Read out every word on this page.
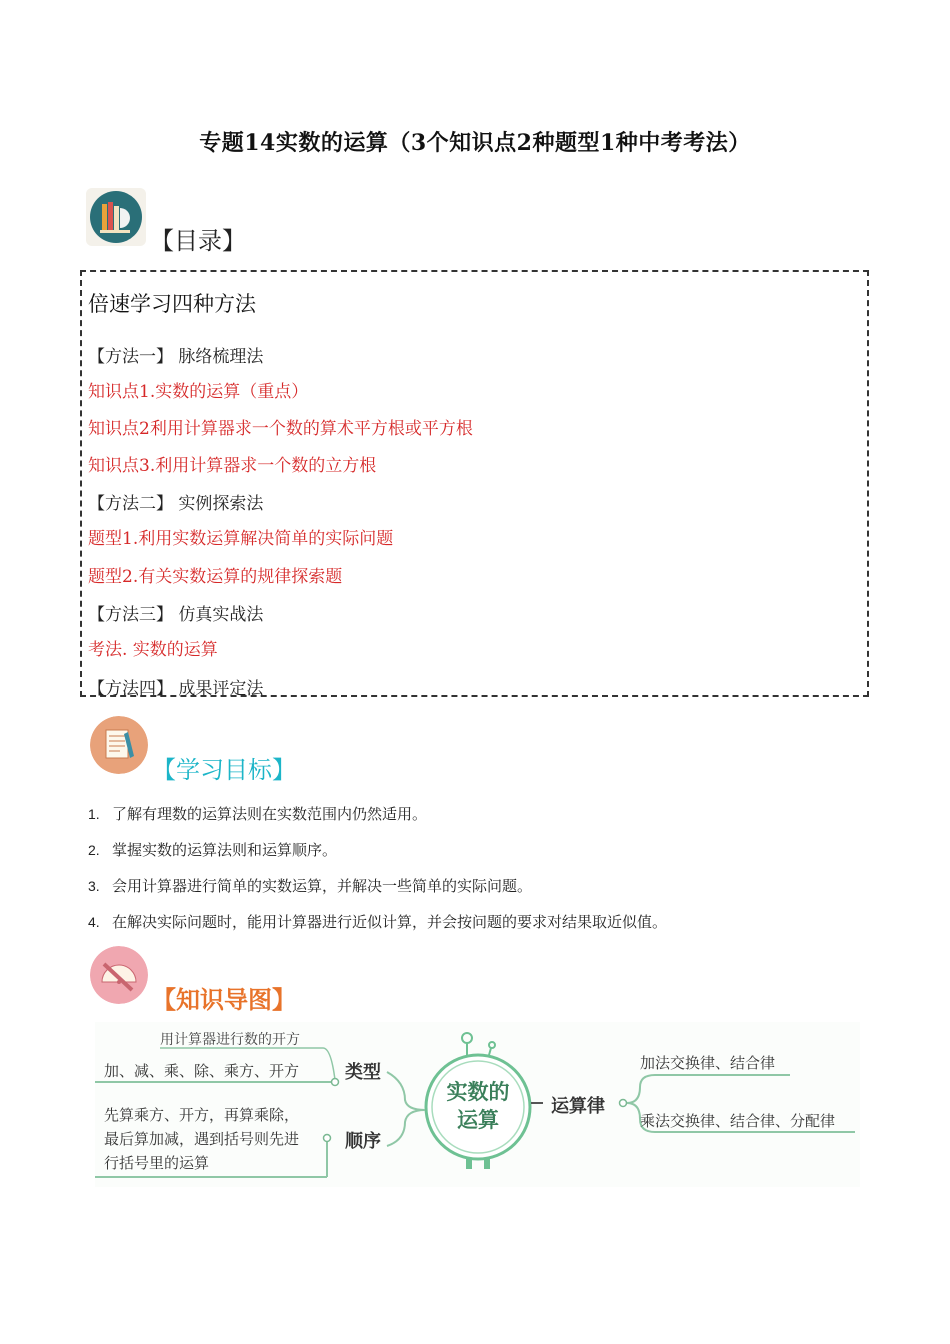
专题14实数的运算（3个知识点2种题型1种中考考法）
【目录】
倍速学习四种方法
【方法一】 脉络梳理法
知识点1.实数的运算（重点）
知识点2利用计算器求一个数的算术平方根或平方根
知识点3.利用计算器求一个数的立方根
【方法二】 实例探索法
题型1.利用实数运算解决简单的实际问题
题型2.有关实数运算的规律探索题
【方法三】 仿真实战法
考法. 实数的运算
【方法四】 成果评定法
【学习目标】
1. 了解有理数的运算法则在实数范围内仍然适用。
2. 掌握实数的运算法则和运算顺序。
3. 会用计算器进行简单的实数运算，并解决一些简单的实际问题。
4. 在解决实际问题时，能用计算器进行近似计算，并会按问题的要求对结果取近似值。
【知识导图】
用计算器进行数的开方
加、减、乘、除、乘方、开方	类型
先算乘方、开方，再算乘除，
最后算加减，遇到括号则先进
行括号里的运算
顺序
实数的
运算
运算律
加法交换律、结合律
乘法交换律、结合律、分配律
